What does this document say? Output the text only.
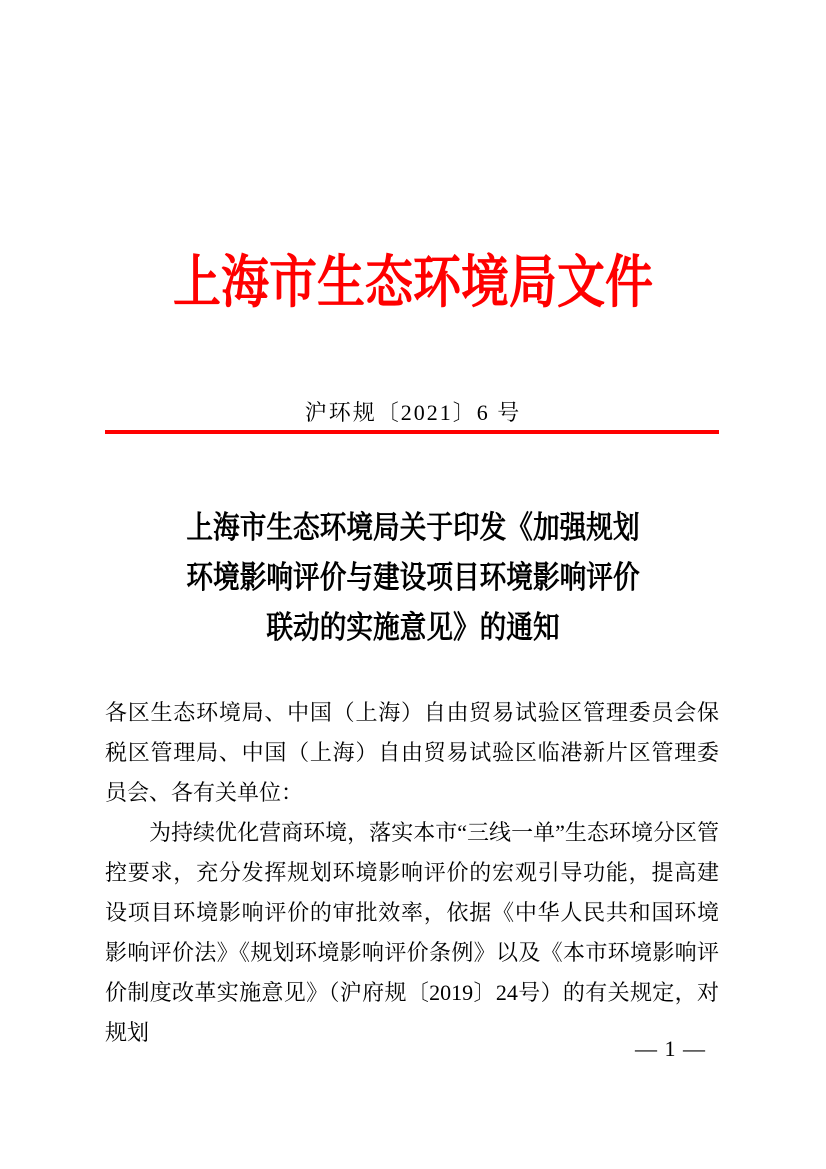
上海市生态环境局文件
沪环规〔2021〕6 号
上海市生态环境局关于印发《加强规划
环境影响评价与建设项目环境影响评价
联动的实施意见》的通知

各区生态环境局、中国（上海）自由贸易试验区管理委员会保税区管理局、中国（上海）自由贸易试验区临港新片区管理委员会、各有关单位：

为持续优化营商环境，落实本市“三线一单”生态环境分区管控要求，充分发挥规划环境影响评价的宏观引导功能，提高建设项目环境影响评价的审批效率，依据《中华人民共和国环境影响评价法》《规划环境影响评价条例》以及《本市环境影响评价制度改革实施意见》（沪府规〔2019〕24号）的有关规定，对规划

— 1 —
